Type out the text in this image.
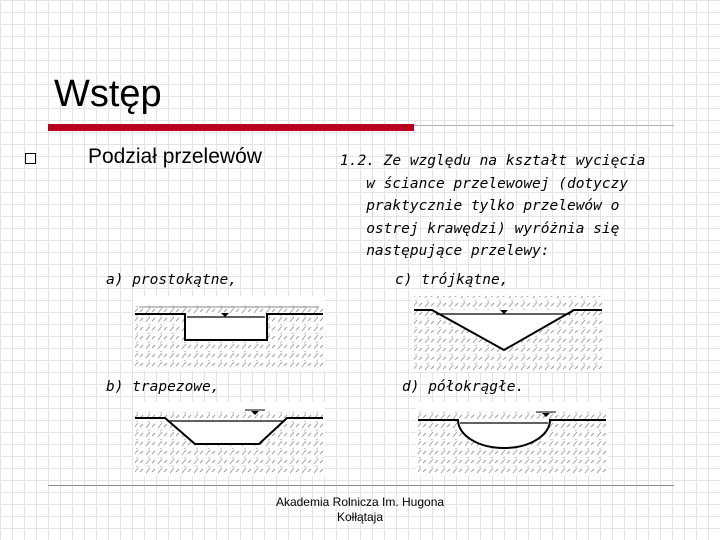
Wstęp
Podział przelewów	1.2. Ze względu na kształt wycięcia
w ściance przelewowej (dotyczy
praktycznie tylko przelewów o
ostrej krawędzi) wyróżnia się
następujące przelewy:
a) prostokątne,	c) trójkątne,
b) trapezowe,	d) półokrągłe.
Akademia Rolnicza Im. Hugona
Kołłątaja
